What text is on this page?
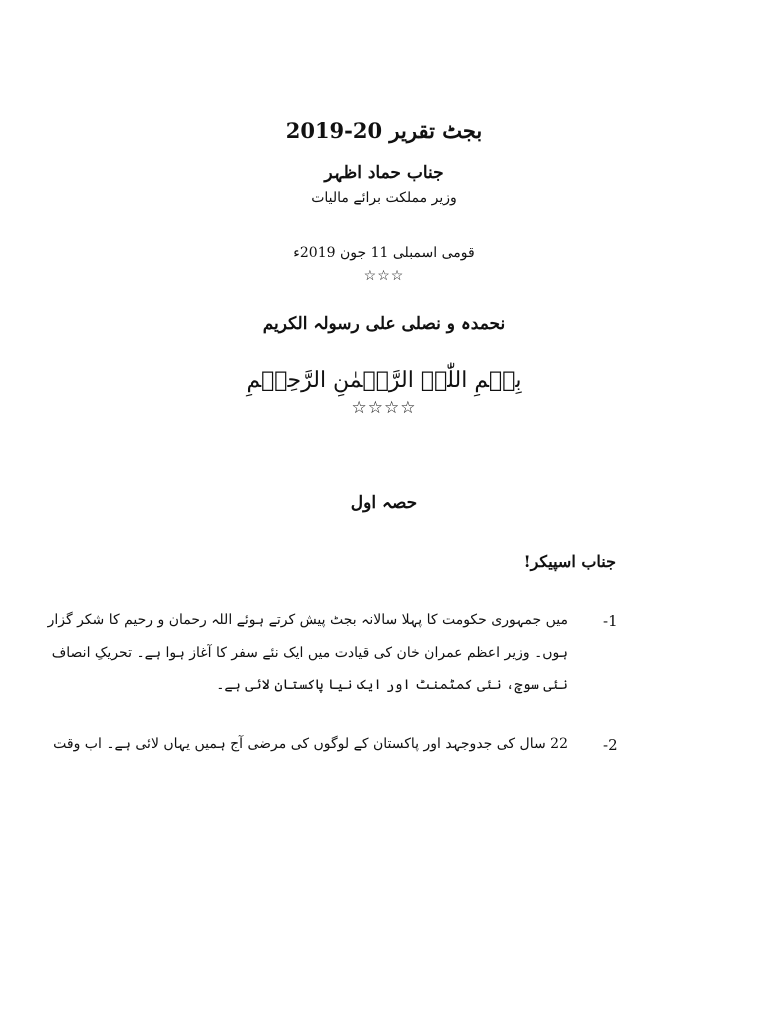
بجٹ تقریر 20-2019
جناب حماد اظہر
وزیر مملکت برائے مالیات
قومی اسمبلی 11 جون 2019ء
☆☆☆
نحمدہ و نصلی علی رسولہ الکریم
بِسۡمِ اللّٰہِ الرَّحۡمٰنِ الرَّحِیۡمِ
☆☆☆☆
حصہ اول
جناب اسپیکر!
-1
میں جمہوری حکومت کا پہلا سالانہ بجٹ پیش کرتے ہوئے اللہ رحمان و رحیم کا شکر گزار
ہوں۔ وزیر اعظم عمران خان کی قیادت میں ایک نئے سفر کا آغاز ہوا ہے۔ تحریکِ انصاف
نئی سوچ، نئی کمٹمنٹ اور ایک نیا پاکستان لائی ہے۔
-2
22 سال کی جدوجہد اور پاکستان کے لوگوں کی مرضی آج ہمیں یہاں لائی ہے۔ اب وقت
